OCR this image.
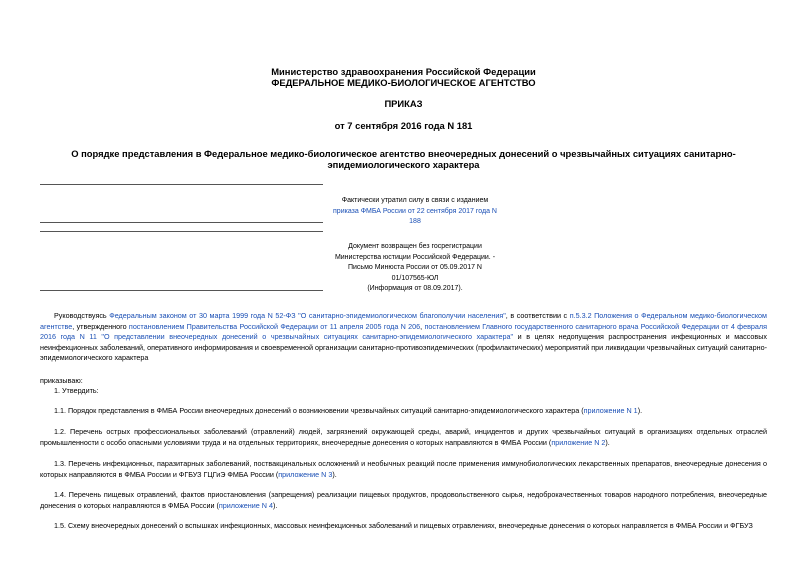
Министерство здравоохранения Российской Федерации
ФЕДЕРАЛЬНОЕ МЕДИКО-БИОЛОГИЧЕСКОЕ АГЕНТСТВО
ПРИКАЗ
от 7 сентября 2016 года N 181
О порядке представления в Федеральное медико-биологическое агентство внеочередных донесений о чрезвычайных ситуациях санитарно-эпидемиологического характера
Фактически утратил силу в связи с изданием
приказа ФМБА России от 22 сентября 2017 года N 188
Документ возвращен без госрегистрации
Министерства юстиции Российской Федерации. -
Письмо Минюста России от 05.09.2017 N 01/107565-ЮЛ
(Информация от 08.09.2017).
Руководствуясь Федеральным законом от 30 марта 1999 года N 52-ФЗ "О санитарно-эпидемиологическом благополучии населения", в соответствии с п.5.3.2 Положения о Федеральном медико-биологическом агентстве, утвержденного постановлением Правительства Российской Федерации от 11 апреля 2005 года N 206, постановлением Главного государственного санитарного врача Российской Федерации от 4 февраля 2016 года N 11 "О представлении внеочередных донесений о чрезвычайных ситуациях санитарно-эпидемиологического характера" и в целях недопущения распространения инфекционных и массовых неинфекционных заболеваний, оперативного информирования и своевременной организации санитарно-противоэпидемических (профилактических) мероприятий при ликвидации чрезвычайных ситуаций санитарно-эпидемиологического характера
приказываю:
1. Утвердить:
1.1. Порядок представления в ФМБА России внеочередных донесений о возникновении чрезвычайных ситуаций санитарно-эпидемиологического характера (приложение N 1).
1.2. Перечень острых профессиональных заболеваний (отравлений) людей, загрязнений окружающей среды, аварий, инцидентов и других чрезвычайных ситуаций в организациях отдельных отраслей промышленности с особо опасными условиями труда и на отдельных территориях, внеочередные донесения о которых направляются в ФМБА России (приложение N 2).
1.3. Перечень инфекционных, паразитарных заболеваний, поствакцинальных осложнений и необычных реакций после применения иммунобиологических лекарственных препаратов, внеочередные донесения о которых направляются в ФМБА России и ФГБУЗ ГЦГиЭ ФМБА России (приложение N 3).
1.4. Перечень пищевых отравлений, фактов приостановления (запрещения) реализации пищевых продуктов, продовольственного сырья, недоброкачественных товаров народного потребления, внеочередные донесения о которых направляются в ФМБА России (приложение N 4).
1.5. Схему внеочередных донесений о вспышках инфекционных, массовых неинфекционных заболеваний и пищевых отравлениях, внеочередные донесения о которых направляется в ФМБА России и ФГБУЗ
